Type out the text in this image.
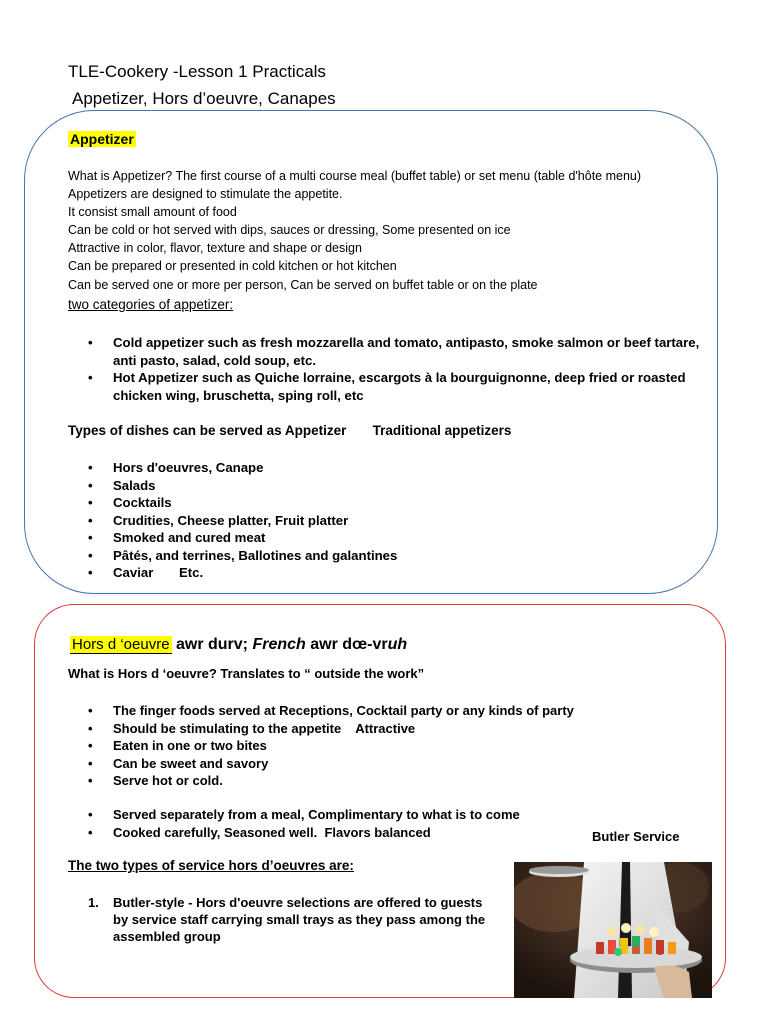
TLE-Cookery -Lesson 1 Practicals
Appetizer, Hors d’oeuvre, Canapes
Appetizer
What is Appetizer? The first course of a multi course meal (buffet table) or set menu (table d'hôte menu)
Appetizers are designed to stimulate the appetite.
It consist small amount of food
Can be cold or hot served with dips, sauces or dressing, Some presented on ice
Attractive in color, flavor, texture and shape or design
Can be prepared or presented in cold kitchen or hot kitchen
Can be served one or more per person, Can be served on buffet table or on the plate
two categories of appetizer:
• Cold appetizer such as fresh mozzarella and tomato, antipasto, smoke salmon or beef tartare, anti pasto, salad, cold soup, etc.
• Hot Appetizer such as Quiche lorraine, escargots à la bourguignonne, deep fried or roasted chicken wing, bruschetta, sping roll, etc
Types of dishes can be served as Appetizer       Traditional appetizers
• Hors d'oeuvres, Canape
• Salads
• Cocktails
• Crudities, Cheese platter, Fruit platter
• Smoked and cured meat
• Pâtés, and terrines, Ballotines and galantines
• Caviar       Etc.
Hors d ‘oeuvre awr durv; French awr dœ-vruh
What is Hors d ‘oeuvre? Translates to “ outside the work”
• The finger foods served at Receptions, Cocktail party or any kinds of party
• Should be stimulating to the appetite    Attractive
• Eaten in one or two bites
• Can be sweet and savory
• Serve hot or cold.
• Served separately from a meal, Complimentary to what is to come
• Cooked carefully, Seasoned well.  Flavors balanced	Butler Service
The two types of service hors d’oeuvres are:
1. Butler-style - Hors d'oeuvre selections are offered to guests by service staff carrying small trays as they pass among the assembled group
